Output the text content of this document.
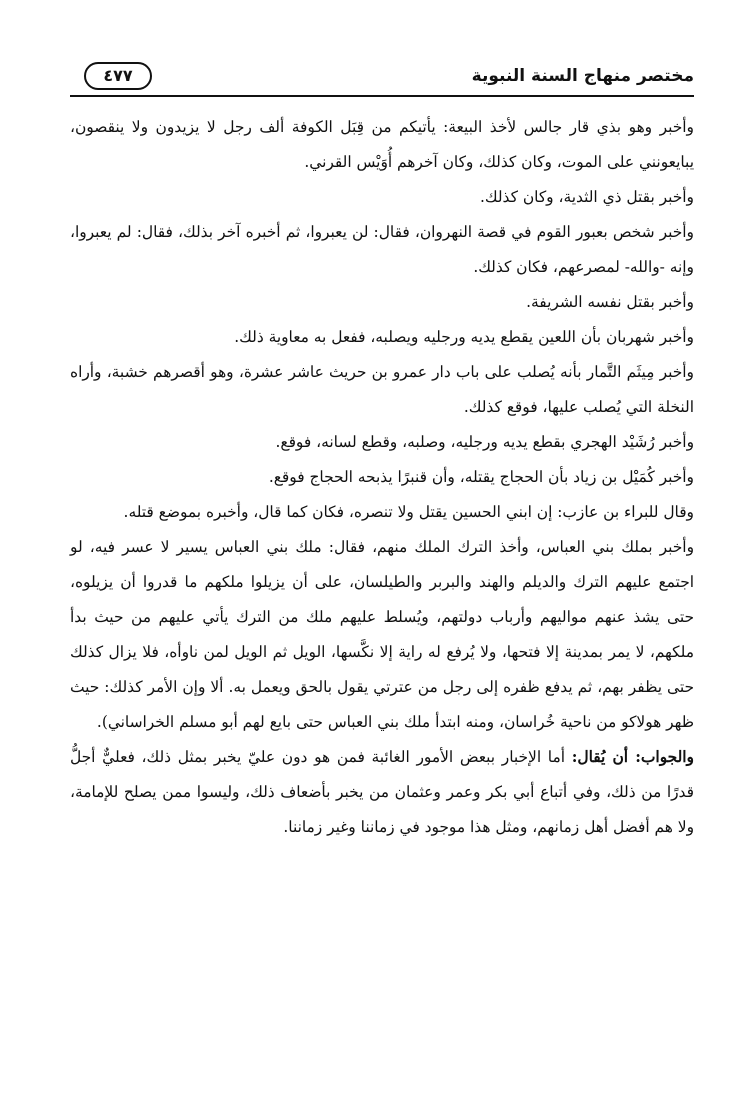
مختصر منهاج السنة النبوية
٤٧٧

وأخبر وهو بذي قار جالس لأخذ البيعة: يأتيكم من قِبَل الكوفة ألف رجل لا يزيدون ولا ينقصون، يبايعونني على الموت، وكان كذلك، وكان آخرهم أُوَيْس القرني.

وأخبر بقتل ذي الثدية، وكان كذلك.

وأخبر شخص بعبور القوم في قصة النهروان، فقال: لن يعبروا، ثم أخبره آخر بذلك، فقال: لم يعبروا، وإنه -والله- لمصرعهم، فكان كذلك.

وأخبر بقتل نفسه الشريفة.

وأخبر شهربان بأن اللعين يقطع يديه ورجليه ويصلبه، ففعل به معاوية ذلك.

وأخبر مِيثَم التَّمار بأنه يُصلب على باب دار عمرو بن حريث عاشر عشرة، وهو أقصرهم خشبة، وأراه النخلة التي يُصلب عليها، فوقع كذلك.

وأخبر رُشَيْد الهجري بقطع يديه ورجليه، وصلبه، وقطع لسانه، فوقع.

وأخبر كُمَيْل بن زياد بأن الحجاج يقتله، وأن قنبرًا يذبحه الحجاج فوقع.

وقال للبراء بن عازب: إن ابني الحسين يقتل ولا تنصره، فكان كما قال، وأخبره بموضع قتله.

وأخبر بملك بني العباس، وأخذ الترك الملك منهم، فقال: ملك بني العباس يسير لا عسر فيه، لو اجتمع عليهم الترك والديلم والهند والبربر والطيلسان، على أن يزيلوا ملكهم ما قدروا أن يزيلوه، حتى يشذ عنهم مواليهم وأرباب دولتهم، ويُسلط عليهم ملك من الترك يأتي عليهم من حيث بدأ ملكهم، لا يمر بمدينة إلا فتحها، ولا يُرفع له راية إلا نكَّسها، الويل ثم الويل لمن ناوأه، فلا يزال كذلك حتى يظفر بهم، ثم يدفع ظفره إلى رجل من عترتي يقول بالحق ويعمل به. ألا وإن الأمر كذلك: حيث ظهر هولاكو من ناحية خُراسان، ومنه ابتدأ ملك بني العباس حتى بايع لهم أبو مسلم الخراساني).

والجواب: أن يُقال: أما الإخبار ببعض الأمور الغائبة فمن هو دون عليّ يخبر بمثل ذلك، فعليٌّ أجلُّ قدرًا من ذلك، وفي أتباع أبي بكر وعمر وعثمان من يخبر بأضعاف ذلك، وليسوا ممن يصلح للإمامة، ولا هم أفضل أهل زمانهم، ومثل هذا موجود في زماننا وغير زماننا.
